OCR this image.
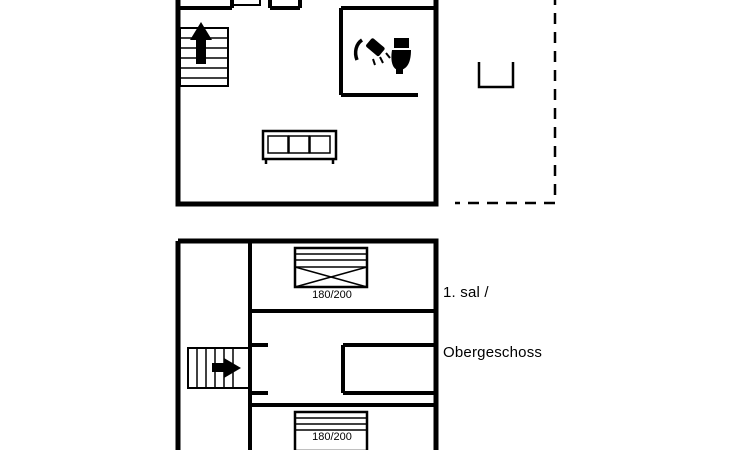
1. sal /

Obergeschoss

180/200
180/200
